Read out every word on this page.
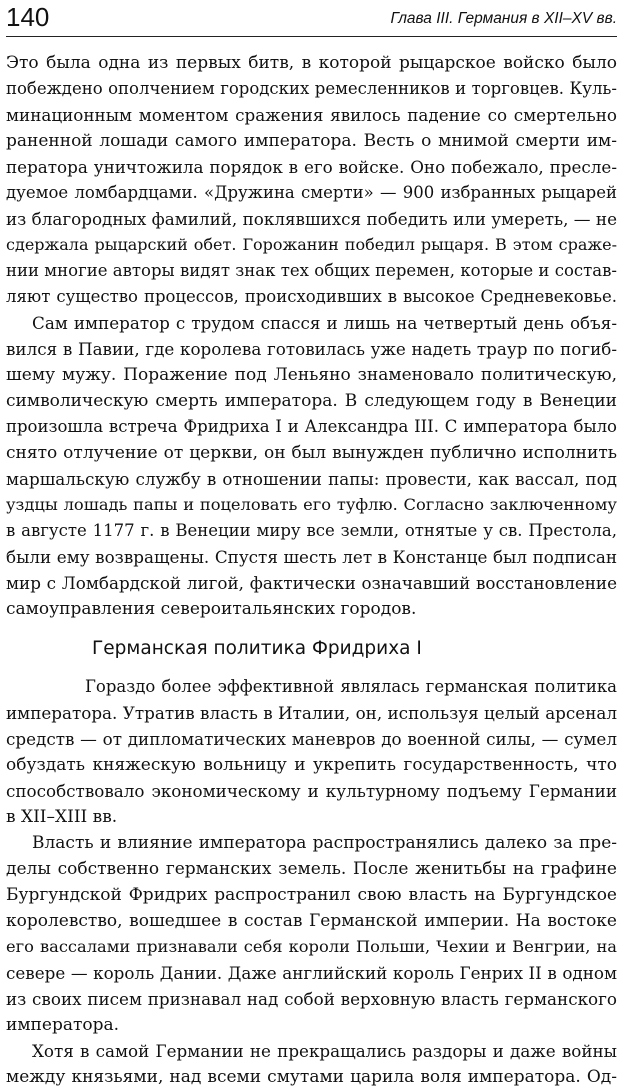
140	Глава III. Германия в XII–XV вв.
Это была одна из первых битв, в которой рыцарское войско было
побеждено ополчением городских ремесленников и торговцев. Куль-
минационным моментом сражения явилось падение со смертельно
раненной лошади самого императора. Весть о мнимой смерти им-
ператора уничтожила порядок в его войске. Оно побежало, пресле-
дуемое ломбардцами. «Дружина смерти» — 900 избранных рыцарей
из благородных фамилий, поклявшихся победить или умереть, — не
сдержала рыцарский обет. Горожанин победил рыцаря. В этом сраже-
нии многие авторы видят знак тех общих перемен, которые и состав-
ляют существо процессов, происходивших в высокое Средневековье.
Сам император с трудом спасся и лишь на четвертый день объя-
вился в Павии, где королева готовилась уже надеть траур по погиб-
шему мужу. Поражение под Леньяно знаменовало политическую,
символическую смерть императора. В следующем году в Венеции
произошла встреча Фридриха I и Александра III. С императора было
снято отлучение от церкви, он был вынужден публично исполнить
маршальскую службу в отношении папы: провести, как вассал, под
уздцы лошадь папы и поцеловать его туфлю. Согласно заключенному
в августе 1177 г. в Венеции миру все земли, отнятые у св. Престола,
были ему возвращены. Спустя шесть лет в Констанце был подписан
мир с Ломбардской лигой, фактически означавший восстановление
самоуправления североитальянских городов.
Германская политика Фридриха I
Гораздо более эффективной являлась германская политика
императора. Утратив власть в Италии, он, используя целый арсенал
средств — от дипломатических маневров до военной силы, — сумел
обуздать княжескую вольницу и укрепить государственность, что
способствовало экономическому и культурному подъему Германии
в XII–XIII вв.
Власть и влияние императора распространялись далеко за пре-
делы собственно германских земель. После женитьбы на графине
Бургундской Фридрих распространил свою власть на Бургундское
королевство, вошедшее в состав Германской империи. На востоке
его вассалами признавали себя короли Польши, Чехии и Венгрии, на
севере — король Дании. Даже английский король Генрих II в одном
из своих писем признавал над собой верховную власть германского
императора.
Хотя в самой Германии не прекращались раздоры и даже войны
между князьями, над всеми смутами царила воля императора. Од-
